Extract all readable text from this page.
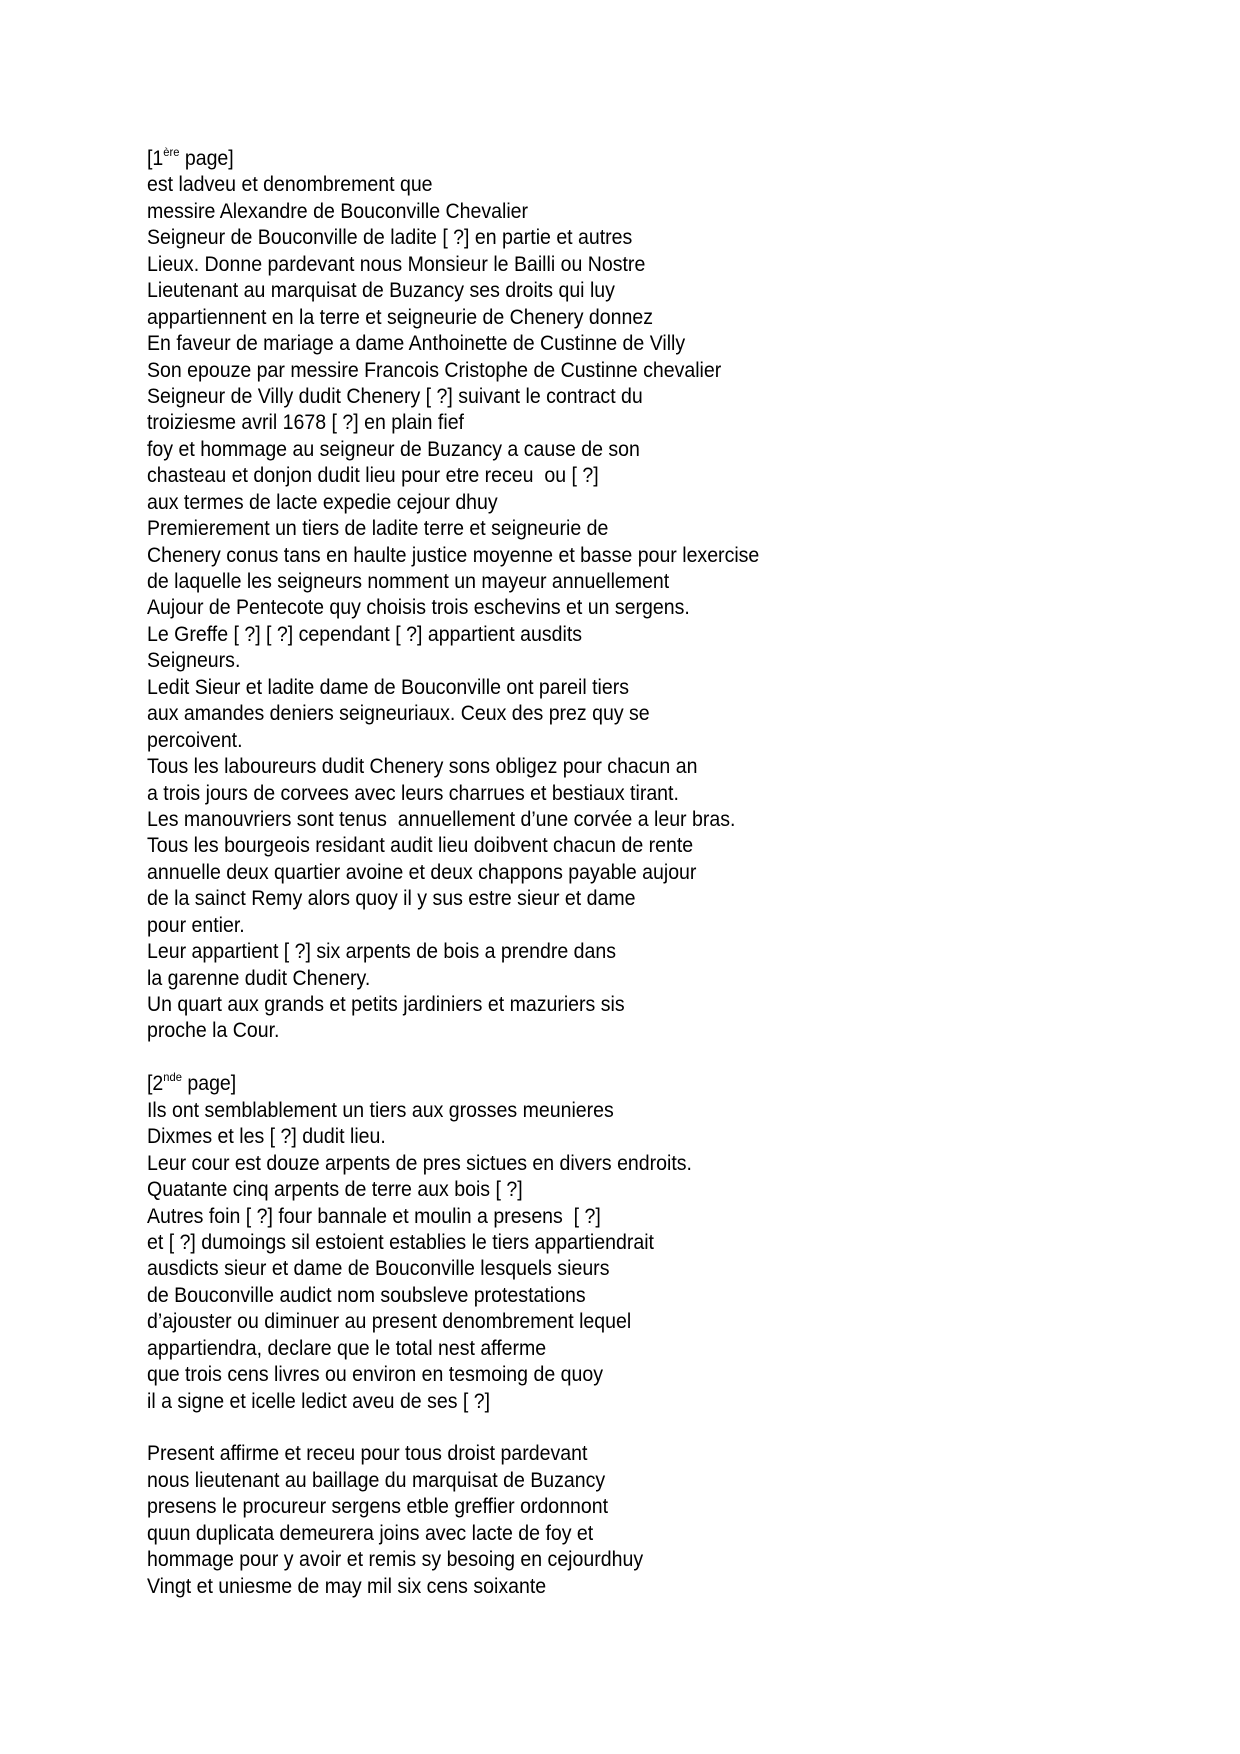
[1ère page]
est ladveu et denombrement que
messire Alexandre de Bouconville Chevalier
Seigneur de Bouconville de ladite [ ?] en partie et autres
Lieux. Donne pardevant nous Monsieur le Bailli ou Nostre
Lieutenant au marquisat de Buzancy ses droits qui luy
appartiennent en la terre et seigneurie de Chenery donnez
En faveur de mariage a dame Anthoinette de Custinne de Villy
Son epouze par messire Francois Cristophe de Custinne chevalier
Seigneur de Villy dudit Chenery [ ?] suivant le contract du
troiziesme avril 1678 [ ?] en plain fief
foy et hommage au seigneur de Buzancy a cause de son
chasteau et donjon dudit lieu pour etre receu  ou [ ?]
aux termes de lacte expedie cejour dhuy
Premierement un tiers de ladite terre et seigneurie de
Chenery conus tans en haulte justice moyenne et basse pour lexercise
de laquelle les seigneurs nomment un mayeur annuellement
Aujour de Pentecote quy choisis trois eschevins et un sergens.
Le Greffe [ ?] [ ?] cependant [ ?] appartient ausdits
Seigneurs.
Ledit Sieur et ladite dame de Bouconville ont pareil tiers
aux amandes deniers seigneuriaux. Ceux des prez quy se
percoivent.
Tous les laboureurs dudit Chenery sons obligez pour chacun an
a trois jours de corvees avec leurs charrues et bestiaux tirant.
Les manouvriers sont tenus  annuellement d’une corvée a leur bras.
Tous les bourgeois residant audit lieu doibvent chacun de rente
annuelle deux quartier avoine et deux chappons payable aujour
de la sainct Remy alors quoy il y sus estre sieur et dame
pour entier.
Leur appartient [ ?] six arpents de bois a prendre dans
la garenne dudit Chenery.
Un quart aux grands et petits jardiniers et mazuriers sis
proche la Cour.
[2nde page]
Ils ont semblablement un tiers aux grosses meunieres
Dixmes et les [ ?] dudit lieu.
Leur cour est douze arpents de pres sictues en divers endroits.
Quatante cinq arpents de terre aux bois [ ?]
Autres foin [ ?] four bannale et moulin a presens  [ ?]
et [ ?] dumoings sil estoient establies le tiers appartiendrait
ausdicts sieur et dame de Bouconville lesquels sieurs
de Bouconville audict nom soubsleve protestations
d’ajouster ou diminuer au present denombrement lequel
appartiendra, declare que le total nest afferme
que trois cens livres ou environ en tesmoing de quoy
il a signe et icelle ledict aveu de ses [ ?]
Present affirme et receu pour tous droist pardevant
nous lieutenant au baillage du marquisat de Buzancy
presens le procureur sergens etble greffier ordonnont
quun duplicata demeurera joins avec lacte de foy et
hommage pour y avoir et remis sy besoing en cejourdhuy
Vingt et uniesme de may mil six cens soixante
